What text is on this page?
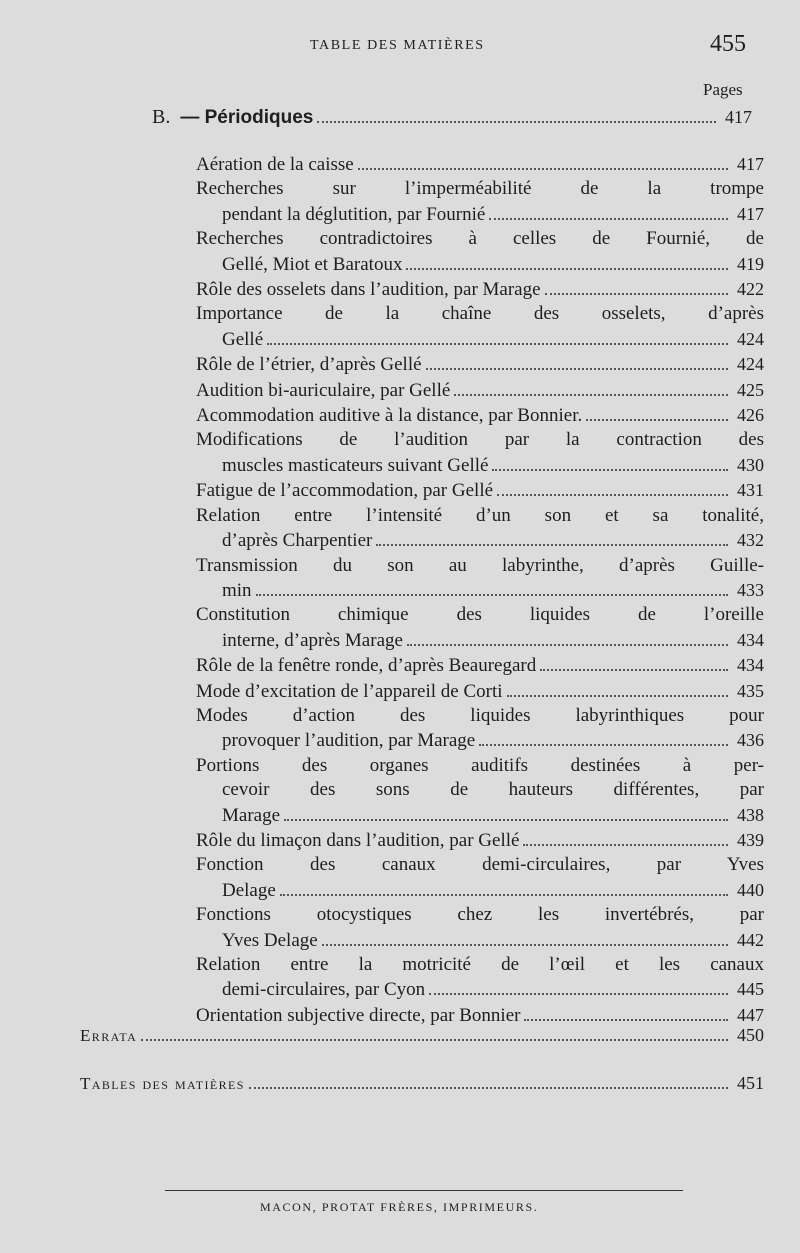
TABLE DES MATIÈRES	455
Pages
B. — Périodiques	417
Aération de la caisse	417
Recherches sur l’imperméabilité de la trompe
pendant la déglutition, par Fournié	417
Recherches contradictoires à celles de Fournié, de
Gellé, Miot et Baratoux	419
Rôle des osselets dans l’audition, par Marage	422
Importance de la chaîne des osselets, d’après
Gellé	424
Rôle de l’étrier, d’après Gellé	424
Audition bi-auriculaire, par Gellé	425
Acommodation auditive à la distance, par Bonnier.	426
Modifications de l’audition par la contraction des
muscles masticateurs suivant Gellé	430
Fatigue de l’accommodation, par Gellé	431
Relation entre l’intensité d’un son et sa tonalité,
d’après Charpentier	432
Transmission du son au labyrinthe, d’après Guille-
min	433
Constitution chimique des liquides de l’oreille
interne, d’après Marage	434
Rôle de la fenêtre ronde, d’après Beauregard	434
Mode d’excitation de l’appareil de Corti	435
Modes d’action des liquides labyrinthiques pour
provoquer l’audition, par Marage	436
Portions des organes auditifs destinées à per-
cevoir des sons de hauteurs différentes, par
Marage	438
Rôle du limaçon dans l’audition, par Gellé	439
Fonction des canaux demi-circulaires, par Yves
Delage	440
Fonctions otocystiques chez les invertébrés, par
Yves Delage	442
Relation entre la motricité de l’œil et les canaux
demi-circulaires, par Cyon	445
Orientation subjective directe, par Bonnier	447
Errata	450
Tables des matières	451
MACON, PROTAT FRÈRES, IMPRIMEURS.
